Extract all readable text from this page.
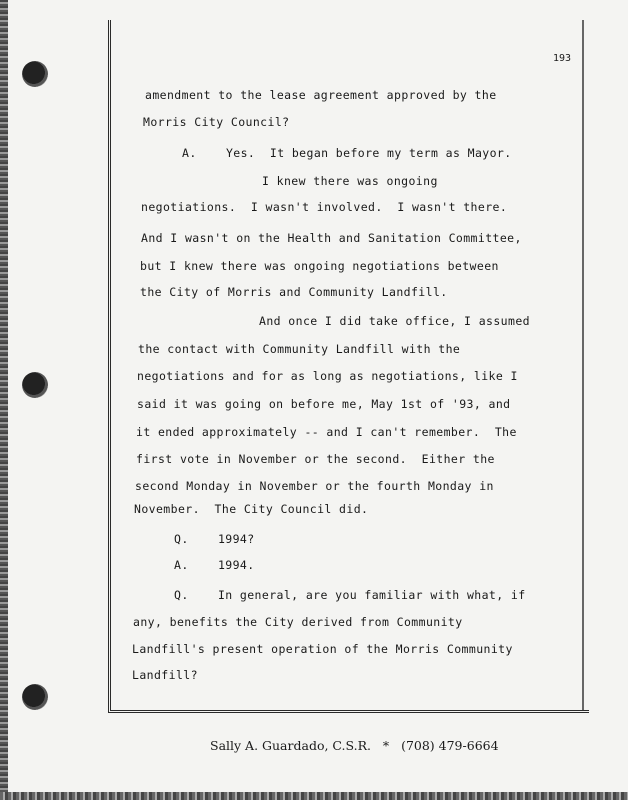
193
amendment to the lease agreement approved by the
Morris City Council?
A.    Yes.  It began before my term as Mayor.
I knew there was ongoing
negotiations.  I wasn't involved.  I wasn't there.
And I wasn't on the Health and Sanitation Committee,
but I knew there was ongoing negotiations between
the City of Morris and Community Landfill.
And once I did take office, I assumed
the contact with Community Landfill with the
negotiations and for as long as negotiations, like I
said it was going on before me, May 1st of '93, and
it ended approximately -- and I can't remember.  The
first vote in November or the second.  Either the
second Monday in November or the fourth Monday in
November.  The City Council did.
Q.    1994?
A.    1994.
Q.    In general, are you familiar with what, if
any, benefits the City derived from Community
Landfill's present operation of the Morris Community
Landfill?
Sally A. Guardado, C.S.R.   *   (708) 479-6664
